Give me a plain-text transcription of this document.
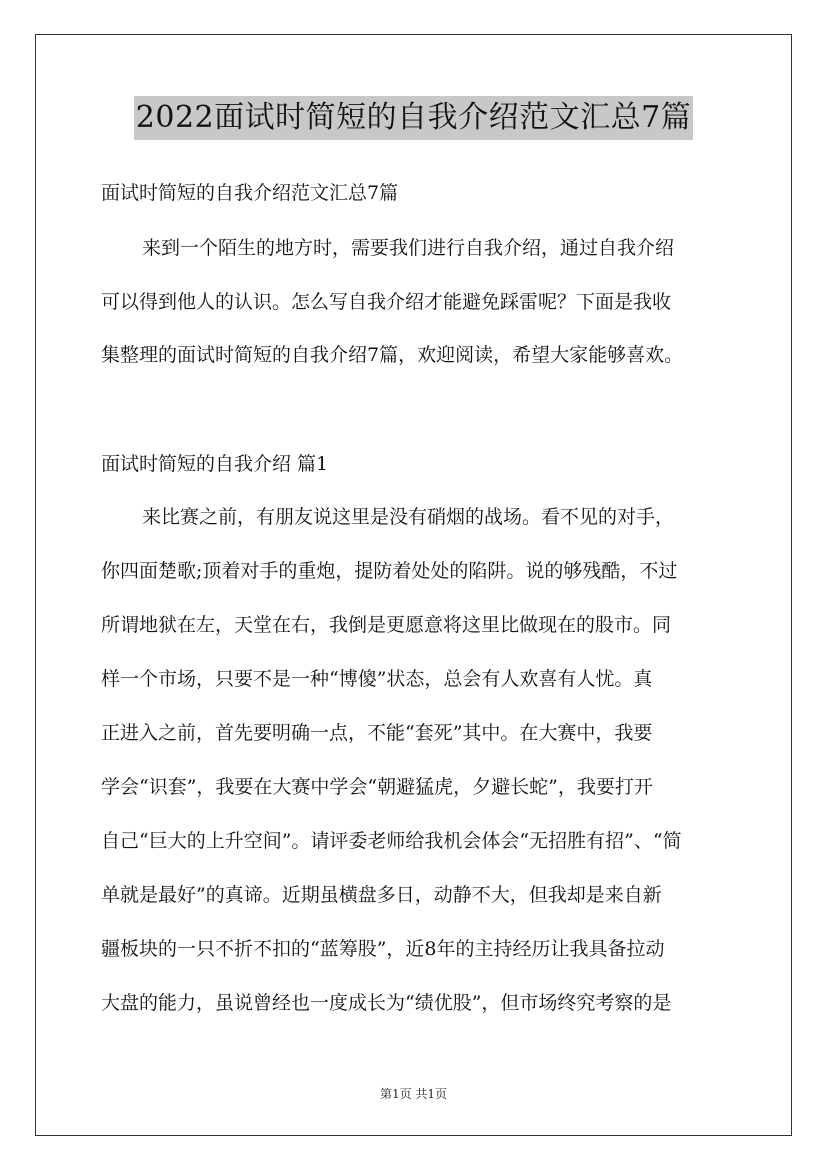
2022面试时简短的自我介绍范文汇总7篇
面试时简短的自我介绍范文汇总7篇
来到一个陌生的地方时，需要我们进行自我介绍，通过自我介绍
可以得到他人的认识。怎么写自我介绍才能避免踩雷呢？下面是我收
集整理的面试时简短的自我介绍7篇，欢迎阅读，希望大家能够喜欢。
面试时简短的自我介绍 篇1
来比赛之前，有朋友说这里是没有硝烟的战场。看不见的对手，
你四面楚歌;顶着对手的重炮，提防着处处的陷阱。说的够残酷，不过
所谓地狱在左，天堂在右，我倒是更愿意将这里比做现在的股市。同
样一个市场，只要不是一种“博傻”状态，总会有人欢喜有人忧。真
正进入之前，首先要明确一点，不能“套死”其中。在大赛中，我要
学会“识套”，我要在大赛中学会“朝避猛虎，夕避长蛇”，我要打开
自己“巨大的上升空间”。请评委老师给我机会体会“无招胜有招”、“简
单就是最好”的真谛。近期虽横盘多日，动静不大，但我却是来自新
疆板块的一只不折不扣的“蓝筹股”，近8年的主持经历让我具备拉动
大盘的能力，虽说曾经也一度成长为“绩优股”，但市场终究考察的是
第1页 共1页
